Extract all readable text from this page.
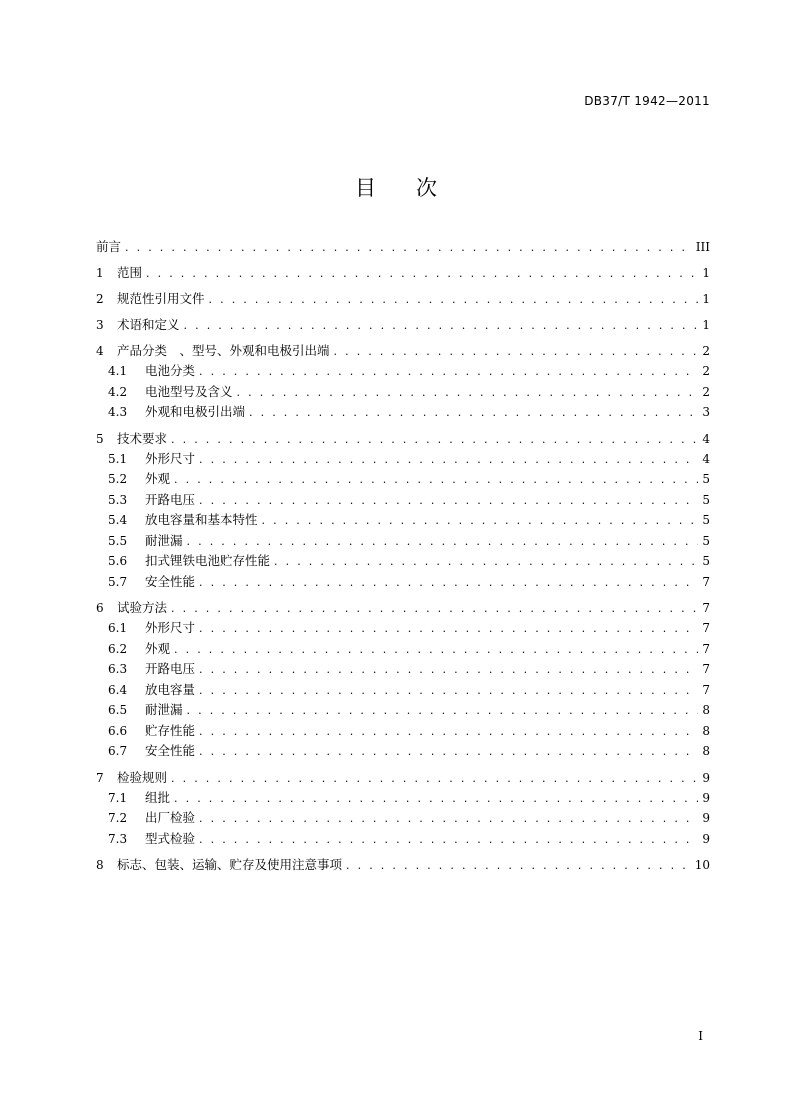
DB37/T 1942—2011
目 次
前言 . . .	III
1	范围 . . .	1
2	规范性引用文件 . . .	1
3	术语和定义 . . .	1
4	产品分类　、型号、外观和电极引出端 . . .	2
4.1	电池分类 . . .	2
4.2	电池型号及含义 . . .	2
4.3	外观和电极引出端 . . .	3
5	技术要求 . . .	4
5.1	外形尺寸 . . .	4
5.2	外观 . . .	5
5.3	开路电压 . . .	5
5.4	放电容量和基本特性 . . .	5
5.5	耐泄漏 . . .	5
5.6	扣式锂铁电池贮存性能 . . .	5
5.7	安全性能 . . .	7
6	试验方法 . . .	7
6.1	外形尺寸 . . .	7
6.2	外观 . . .	7
6.3	开路电压 . . .	7
6.4	放电容量 . . .	7
6.5	耐泄漏 . . .	8
6.6	贮存性能 . . .	8
6.7	安全性能 . . .	8
7	检验规则 . . .	9
7.1	组批 . . .	9
7.2	出厂检验 . . .	9
7.3	型式检验 . . .	9
8	标志、包装、运输、贮存及使用注意事项 . . .	10
I
